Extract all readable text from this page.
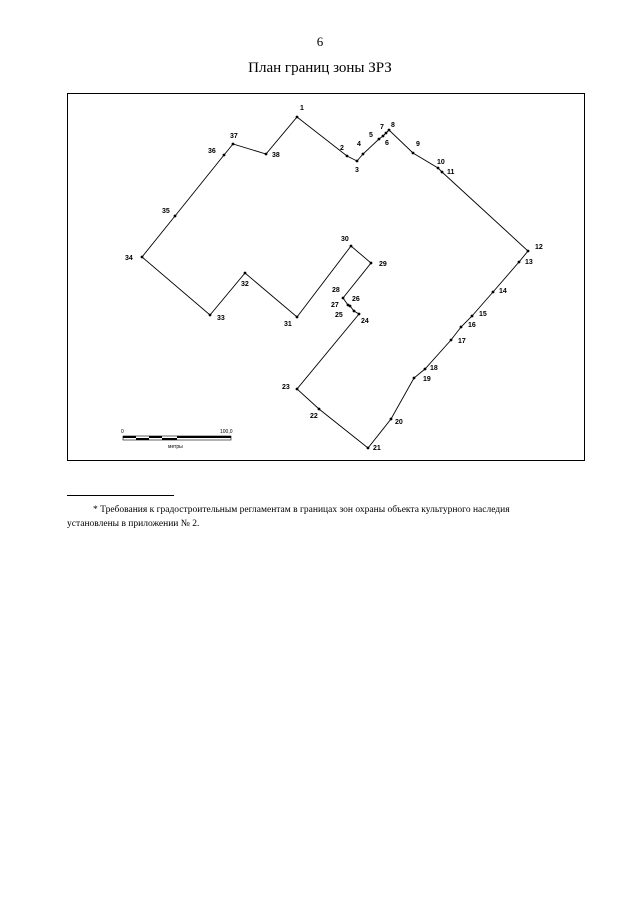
6
План границ зоны ЗРЗ
1
2
3
4
5
6
7 8
9
10
11
12
13
14
15
16
17
18
19
20
21
22
23
24
25
26
27
28
29
30
31
32
33
34
35
36
37
38
0	100,0
метры

* Требования к градостроительным регламентам в границах зон охраны объекта культурного наследия

установлены в приложении № 2.
